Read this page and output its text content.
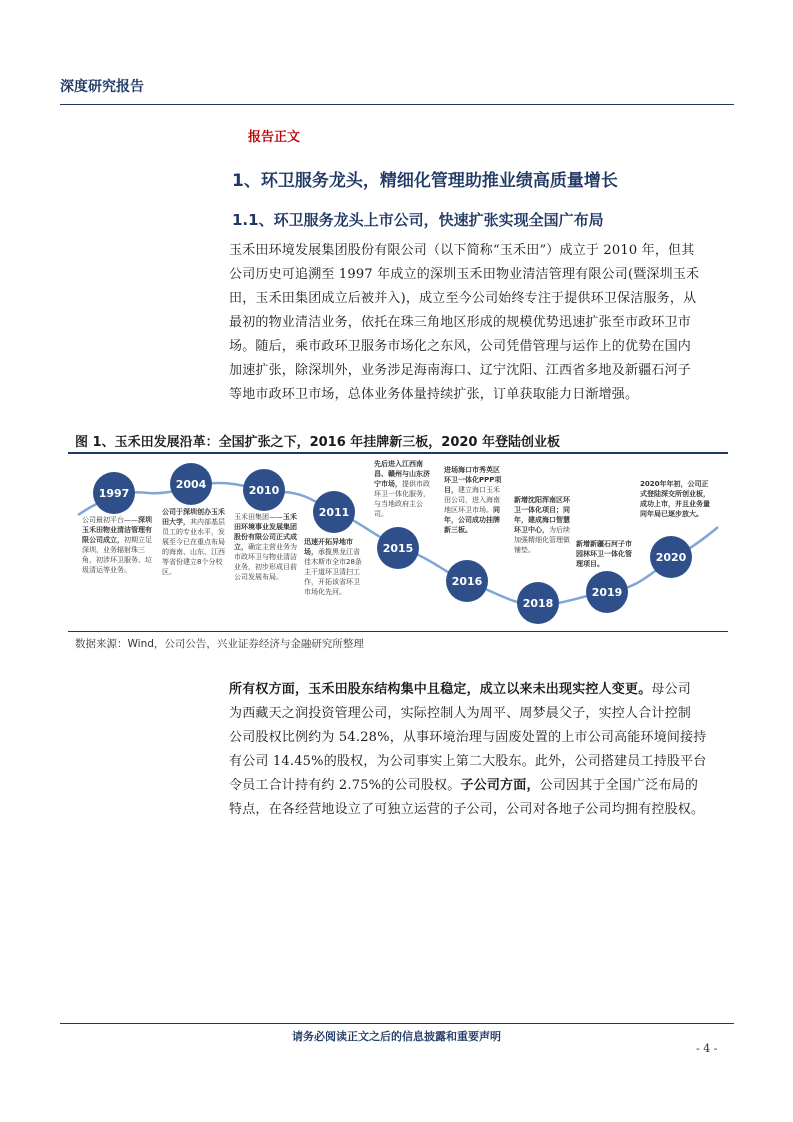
深度研究报告
报告正文
1、环卫服务龙头，精细化管理助推业绩高质量增长
1.1、环卫服务龙头上市公司，快速扩张实现全国广布局
玉禾田环境发展集团股份有限公司（以下简称“玉禾田”）成立于 2010 年，但其
公司历史可追溯至 1997 年成立的深圳玉禾田物业清洁管理有限公司(暨深圳玉禾
田，玉禾田集团成立后被并入)，成立至今公司始终专注于提供环卫保洁服务，从
最初的物业清洁业务，依托在珠三角地区形成的规模优势迅速扩张至市政环卫市
场。随后，乘市政环卫服务市场化之东风，公司凭借管理与运作上的优势在国内
加速扩张，除深圳外，业务涉足海南海口、辽宁沈阳、江西省多地及新疆石河子
等地市政环卫市场，总体业务体量持续扩张，订单获取能力日渐增强。
图 1、玉禾田发展沿革：全国扩张之下，2016 年挂牌新三板，2020 年登陆创业板
1997
2004	2010
2011
2015
2016
2018
2019
2020
公司最初平台——深圳玉禾田物业清洁管理有限公司成立，初期立足深圳，业务辐射珠三角，初涉环卫服务、垃圾清运等业务。
公司于深圳创办玉禾田大学，其内部基层员工的专业水平，发展至今已在重点布局的海南、山东、江西等省份建立8个分校区。
玉禾田集团——玉禾田环境事业发展集团股份有限公司正式成立，确定主营业务为市政环卫与物业清洁业务，初步形成目前公司发展布局。
迅速开拓异地市场，承揽黑龙江省佳木斯市全市28条主干道环卫清扫工作，开拓该省环卫市场化先河。
先后进入江西南昌、赣州与山东济宁市场，提供市政环卫一体化服务，与当地政府主公司。
进场海口市秀英区环卫一体化PPP项目，建立海口玉禾田公司，进入海南地区环卫市场。同年，公司成功挂牌新三板。
新增沈阳浑南区环卫一体化项目；同年，建成海口智慧环卫中心，为后续加强精细化管理做铺垫。
新增新疆石河子市园林环卫一体化管理项目。
2020年年初，公司正式登陆深交所创业板，成功上市，并且业务量同年局已逐步放大。
数据来源：Wind，公司公告，兴业证券经济与金融研究所整理
所有权方面，玉禾田股东结构集中且稳定，成立以来未出现实控人变更。母公司
为西藏天之润投资管理公司，实际控制人为周平、周梦晨父子，实控人合计控制
公司股权比例约为 54.28%，从事环境治理与固废处置的上市公司高能环境间接持
有公司 14.45%的股权，为公司事实上第二大股东。此外，公司搭建员工持股平台
令员工合计持有约 2.75%的公司股权。子公司方面，公司因其于全国广泛布局的
特点，在各经营地设立了可独立运营的子公司，公司对各地子公司均拥有控股权。
请务必阅读正文之后的信息披露和重要声明
- 4 -
